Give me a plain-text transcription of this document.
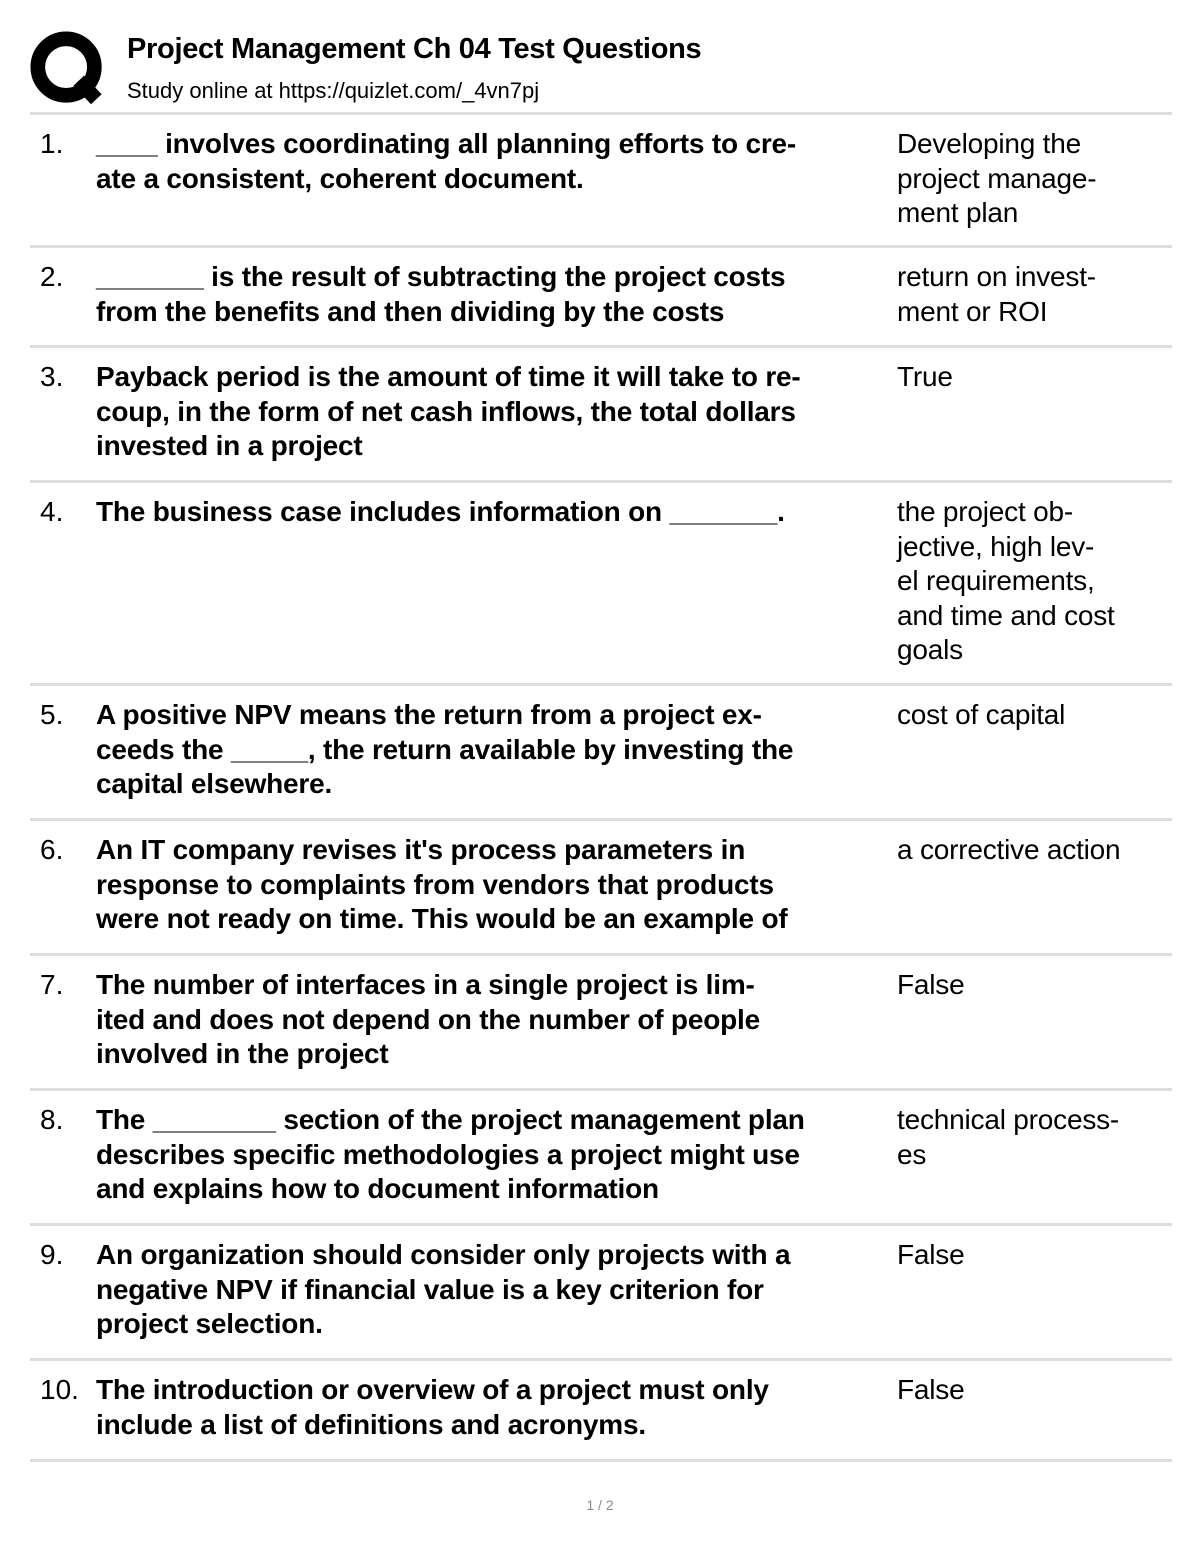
Project Management Ch 04 Test Questions
Study online at https://quizlet.com/_4vn7pj
1. ____ involves coordinating all planning efforts to cre-
ate a consistent, coherent document.
Developing the
project manage-
ment plan
2. _______ is the result of subtracting the project costs
from the benefits and then dividing by the costs
return on invest-
ment or ROI
3. Payback period is the amount of time it will take to re-
coup, in the form of net cash inflows, the total dollars
invested in a project
True
4. The business case includes information on _______.	the project ob-
jective, high lev-
el requirements,
and time and cost
goals
5. A positive NPV means the return from a project ex-
ceeds the _____, the return available by investing the
capital elsewhere.
cost of capital
6. An IT company revises it's process parameters in
response to complaints from vendors that products
were not ready on time. This would be an example of
a corrective action
7. The number of interfaces in a single project is lim-
ited and does not depend on the number of people
involved in the project
False
8. The ________ section of the project management plan
describes specific methodologies a project might use
and explains how to document information
technical process-
es
9. An organization should consider only projects with a
negative NPV if financial value is a key criterion for
project selection.
False
10. The introduction or overview of a project must only
include a list of definitions and acronyms.
False
1 / 2
